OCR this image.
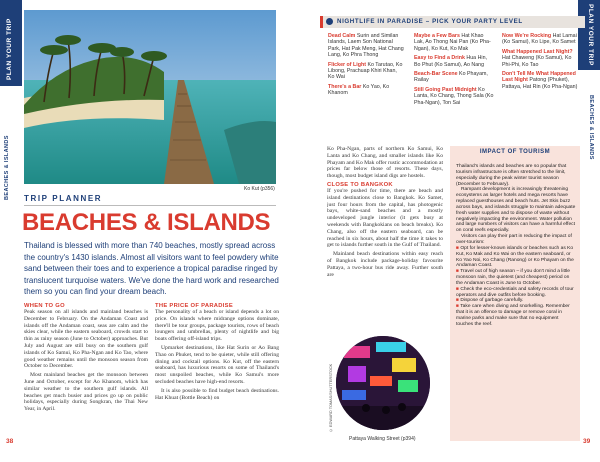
PLAN YOUR TRIP
BEACHES & ISLANDS
PLAN YOUR TRIP
BEACHES & ISLANDS
Ko Kut (p356)
NIGHTLIFE IN PARADISE – PICK YOUR PARTY LEVEL
Dead Calm Surin and Similan Islands, Laem Son National Park, Hat Pak Meng, Hat Chang Lang, Ko Phra Thong
Flicker of Light Ko Tarutao, Ko Libong, Prachuap Khiri Khan, Ko Wai
There's a Bar Ko Yao, Ko Khanom
Maybe a Few Bars Hat Khao Lak, Ao Thong Nai Pan (Ko Pha-Ngan), Ko Kut, Ko Mak
Easy to Find a Drink Hua Hin, Bo Phut (Ko Samui), Ao Nang
Beach-Bar Scene Ko Phayam, Railay
Still Going Past Midnight Ko Lanta, Ko Chang, Thong Sala (Ko Pha-Ngan), Ton Sai
Now We're Rocking Hat Lamai (Ko Samui), Ko Lipe, Ko Samet
What Happened Last Night? Hat Chaweng (Ko Samui), Ko Phi-Phi, Ko Tao
Don't Tell Me What Happened Last Night Patong (Phuket), Pattaya, Hat Rin (Ko Pha-Ngan)
TRIP PLANNER
BEACHES & ISLANDS
Thailand is blessed with more than 740 beaches, mostly spread across the country's 1430 islands. Almost all visitors want to feel powdery white sand between their toes and to experience a tropical paradise ringed by translucent turquoise waters. We've done the hard work and researched them so you can find your dream beach.
WHEN TO GO

Peak season on all islands and mainland beaches is December to February. On the Andaman Coast and islands off the Andaman coast, seas are calm and the skies clear, while the eastern seaboard, crowds start to thin as rainy season (June to October) approaches. But July and August are still busy on the southern gulf islands of Ko Samui, Ko Pha-Ngan and Ko Tao, where good weather remains until the monsoon season from October to December.

Most mainland beaches get the monsoon between June and October, except for Ao Khanom, which has similar weather to the southern gulf islands. All beaches get much busier and prices go up on public holidays, especially during Songkran, the Thai New Year, in April.

THE PRICE OF PARADISE

The personality of a beach or island depends a lot on price. On islands where midrange options dominate, there'll be tour groups, package tourists, rows of beach loungers and umbrellas, plenty of nightlife and big boats offering off-island trips.

Upmarket destinations, like Hat Surin or Ao Bang Thao on Phuket, tend to be quieter, while still offering dining and cocktail options. Ko Kut, off the eastern seaboard, has luxurious resorts on some of Thailand's most unspoiled beaches, while Ko Samui's more secluded beaches have high-end resorts.

It is also possible to find budget beach destinations. Hat Khuat (Bottle Beach) on

Ko Pha-Ngan, parts of northern Ko Samui, Ko Lanta and Ko Chang, and smaller islands like Ko Phayam and Ko Mak offer rustic accommodation at prices far below those of resorts. These days, though, most budget island digs are hostels.

CLOSE TO BANGKOK

If you're pushed for time, there are beach and island destinations close to Bangkok. Ko Samet, just four hours from the capital, has photogenic bays, white-sand beaches and a mostly undeveloped jungle interior (it gets busy at weekends with Bangkokians on beach breaks). Ko Chang, also off the eastern seaboard, can be reached in six hours, about half the time it takes to get to islands further south in the Gulf of Thailand.

Mainland beach destinations within easy reach of Bangkok include package-holiday favourite Pattaya, a two-hour bus ride away. Further south are

IMPACT OF TOURISM

Thailand's islands and beaches are so popular that tourism infrastructure is often stretched to the limit, especially during the peak winter tourist season (December to February).

Rampant development is increasingly threatening ecosystems as larger hotels and mega resorts have replaced guesthouses and beach huts. Jet Skis buzz across bays, and islands struggle to maintain adequate fresh water supplies and to dispose of waste without negatively impacting the environment. Water pollution and large numbers of visitors can have a harmful effect on coral reefs especially.

Visitors can play their part in reducing the impact of over-tourism:

■ Opt for lesser-known islands or beaches such as Ko Kut, Ko Mak and Ko Wai on the eastern seaboard, or Ko Yao Noi, Ko Chang (Ranong) or Ko Phayam on the Andaman Coast.

■ Travel out of high season – if you don't mind a little monsoon rain, the quietest (and cheapest) period on the Andaman Coast is June to October.

■ Check the eco-credentials and safety records of tour operators and dive outfits before booking.

■ Dispose of garbage carefully.

■ Take care when diving and snorkelling. Remember that it is an offence to damage or remove coral in marine parks and make sure that no equipment touches the reef.

© EDWARD TOMAS/SHUTTERSTOCK
Pattaya Walking Street (p394)
38	39
